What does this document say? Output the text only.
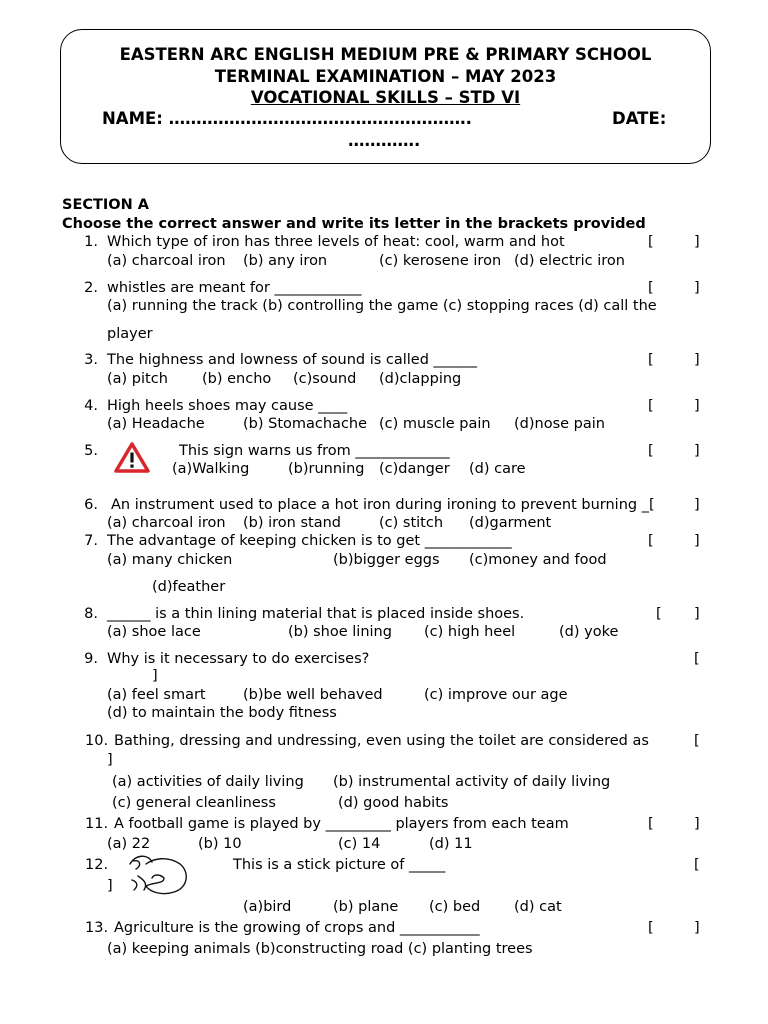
EASTERN ARC ENGLISH MEDIUM PRE & PRIMARY SCHOOL
TERMINAL EXAMINATION – MAY 2023
VOCATIONAL SKILLS – STD VI
NAME: ……………………………………………….	DATE:
………….
SECTION A
Choose the correct answer and write its letter in the brackets provided
1. Which type of iron has three levels of heat: cool, warm and hot	[	]
(a) charcoal iron (b) any iron	(c) kerosene iron (d) electric iron
2. whistles are meant for ____________	[	]
(a) running the track (b) controlling the game (c) stopping races (d) call the
player
3. The highness and lowness of sound is called ______	[	]
(a) pitch (b) encho (c)sound (d)clapping
4. High heels shoes may cause ____	[	]
(a) Headache	(b) Stomachache (c) muscle pain (d)nose pain
5.	This sign warns us from _____________	[	]
(a)Walking	(b)running (c)danger (d) care
6. An instrument used to place a hot iron during ironing to prevent burning _[	]
(a) charcoal iron (b) iron stand	(c) stitch (d)garment
7. The advantage of keeping chicken is to get ____________	[	]
(a) many chicken	(b)bigger eggs (c)money and food
(d)feather
8. ______ is a thin lining material that is placed inside shoes.	[ ]
(a) shoe lace	(b) shoe lining (c) high heel	(d) yoke
9. Why is it necessary to do exercises?	[
]
(a) feel smart	(b)be well behaved	(c) improve our age
(d) to maintain the body fitness
10. Bathing, dressing and undressing, even using the toilet are considered as	[
]
(a) activities of daily living (b) instrumental activity of daily living
(c) general cleanliness	(d) good habits
11. A football game is played by _________ players from each team	[	]
(a) 22	(b) 10	(c) 14	(d) 11
12.	This is a stick picture of _____	[
]
(a)bird	(b) plane (c) bed (d) cat
13. Agriculture is the growing of crops and ___________	[	]
(a) keeping animals (b)constructing road (c) planting trees
